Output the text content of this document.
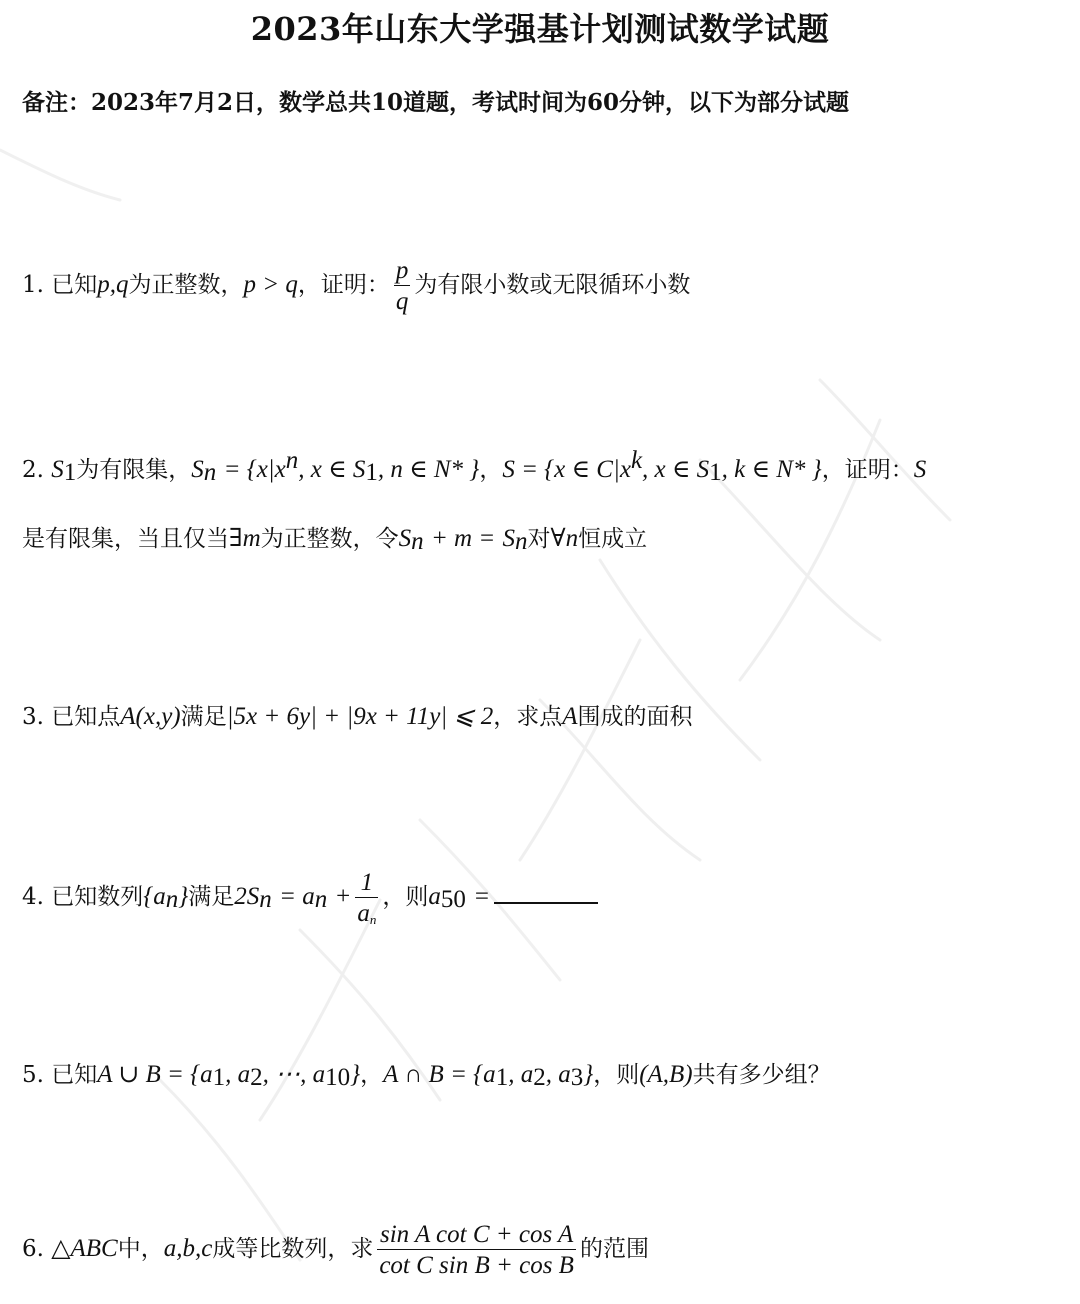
2023年山东大学强基计划测试数学试题
备注：2023年7月2日，数学总共10道题，考试时间为60分钟，以下为部分试题
1. 已知p,q为正整数，p > q，证明： $\frac{p}{q}$ 为有限小数或无限循环小数
2. $S_1$为有限集，$S_n = \{x|x^n$, x ∈ $S_1$, n ∈ N* }，S = {x ∈ $C|x^k$, x ∈ $S_1$, k ∈ N* }，证明：S
是有限集，当且仅当∃m为正整数，令$S_n + m = S_n$对∀n恒成立
3. 已知点A(x,y)满足|5x + 6y| + |9x + 11y| ⩽ 2，求点A围成的面积
4. 已知数列$\{a_n\}$满足$2S_n = a_n + \frac{1}{a_n}$ ，则$a_{50}$ =
5. 已知A ∪ $B = \{a_1$, $a_2$, ⋯, $a_{10}$}，A ∩ $B = \{a_1$, $a_2$, $a_3$}，则(A,B)共有多少组？
6. △ABC中，a,b,c成等比数列，求 $\frac{\text{sin A cot C + cos A}}{\text{cot C sin B + cos B}}$ 的范围
